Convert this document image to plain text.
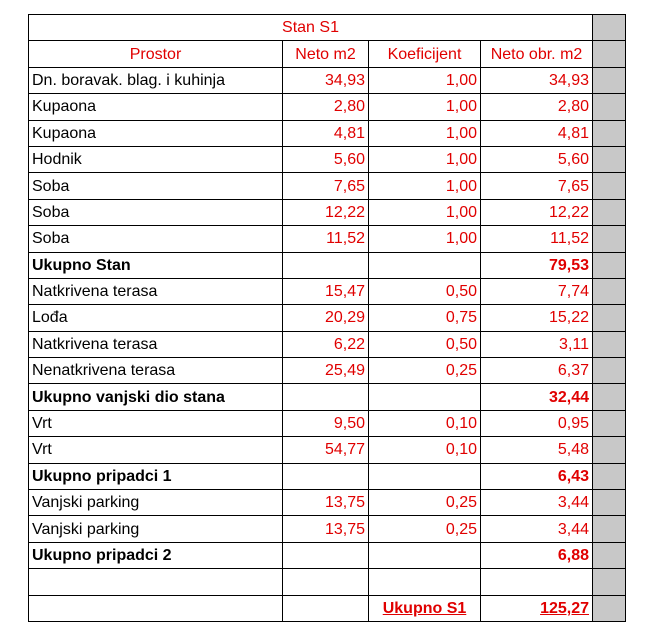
Stan S1				
Prostor	Neto m2	Koeficijent	Neto obr. m2	
Dn. boravak. blag. i kuhinja	34,93	1,00	34,93	
Kupaona	2,80	1,00	2,80	
Kupaona	4,81	1,00	4,81	
Hodnik	5,60	1,00	5,60	
Soba	7,65	1,00	7,65	
Soba	12,22	1,00	12,22	
Soba	11,52	1,00	11,52	
Ukupno Stan			79,53	
Natkrivena terasa	15,47	0,50	7,74	
Lođa	20,29	0,75	15,22	
Natkrivena terasa	6,22	0,50	3,11	
Nenatkrivena terasa	25,49	0,25	6,37	
Ukupno vanjski dio stana			32,44	
Vrt	9,50	0,10	0,95	
Vrt	54,77	0,10	5,48	
Ukupno pripadci 1			6,43	
Vanjski parking	13,75	0,25	3,44	
Vanjski parking	13,75	0,25	3,44	
Ukupno pripadci 2			6,88	

		Ukupno S1	125,27	
